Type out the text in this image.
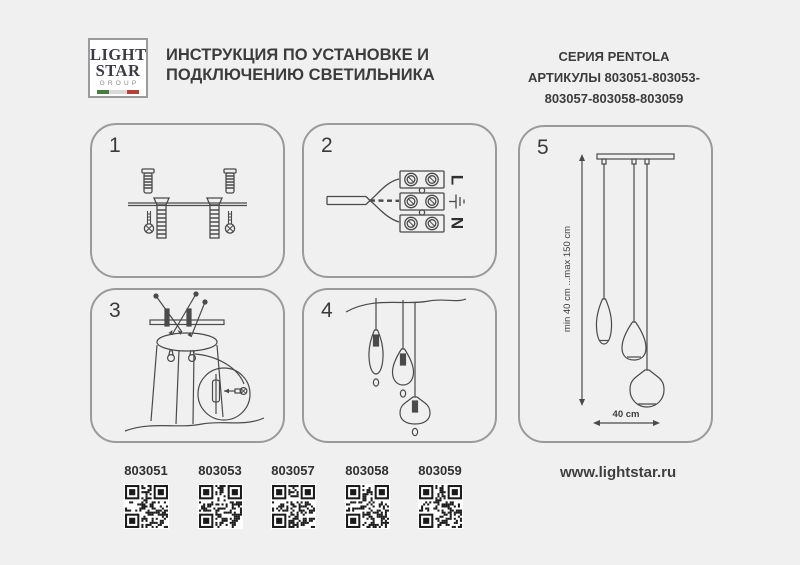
LIGHT
STAR
GROUP
ИНСТРУКЦИЯ ПО УСТАНОВКЕ И
ПОДКЛЮЧЕНИЮ СВЕТИЛЬНИКА
СЕРИЯ PENTOLA
АРТИКУЛЫ 803051-803053-
803057-803058-803059
1	2
L
N
3	4
5
min 40 cm ...max 150 cm
40 cm
803051	803053	803057	803058	803059	www.lightstar.ru
